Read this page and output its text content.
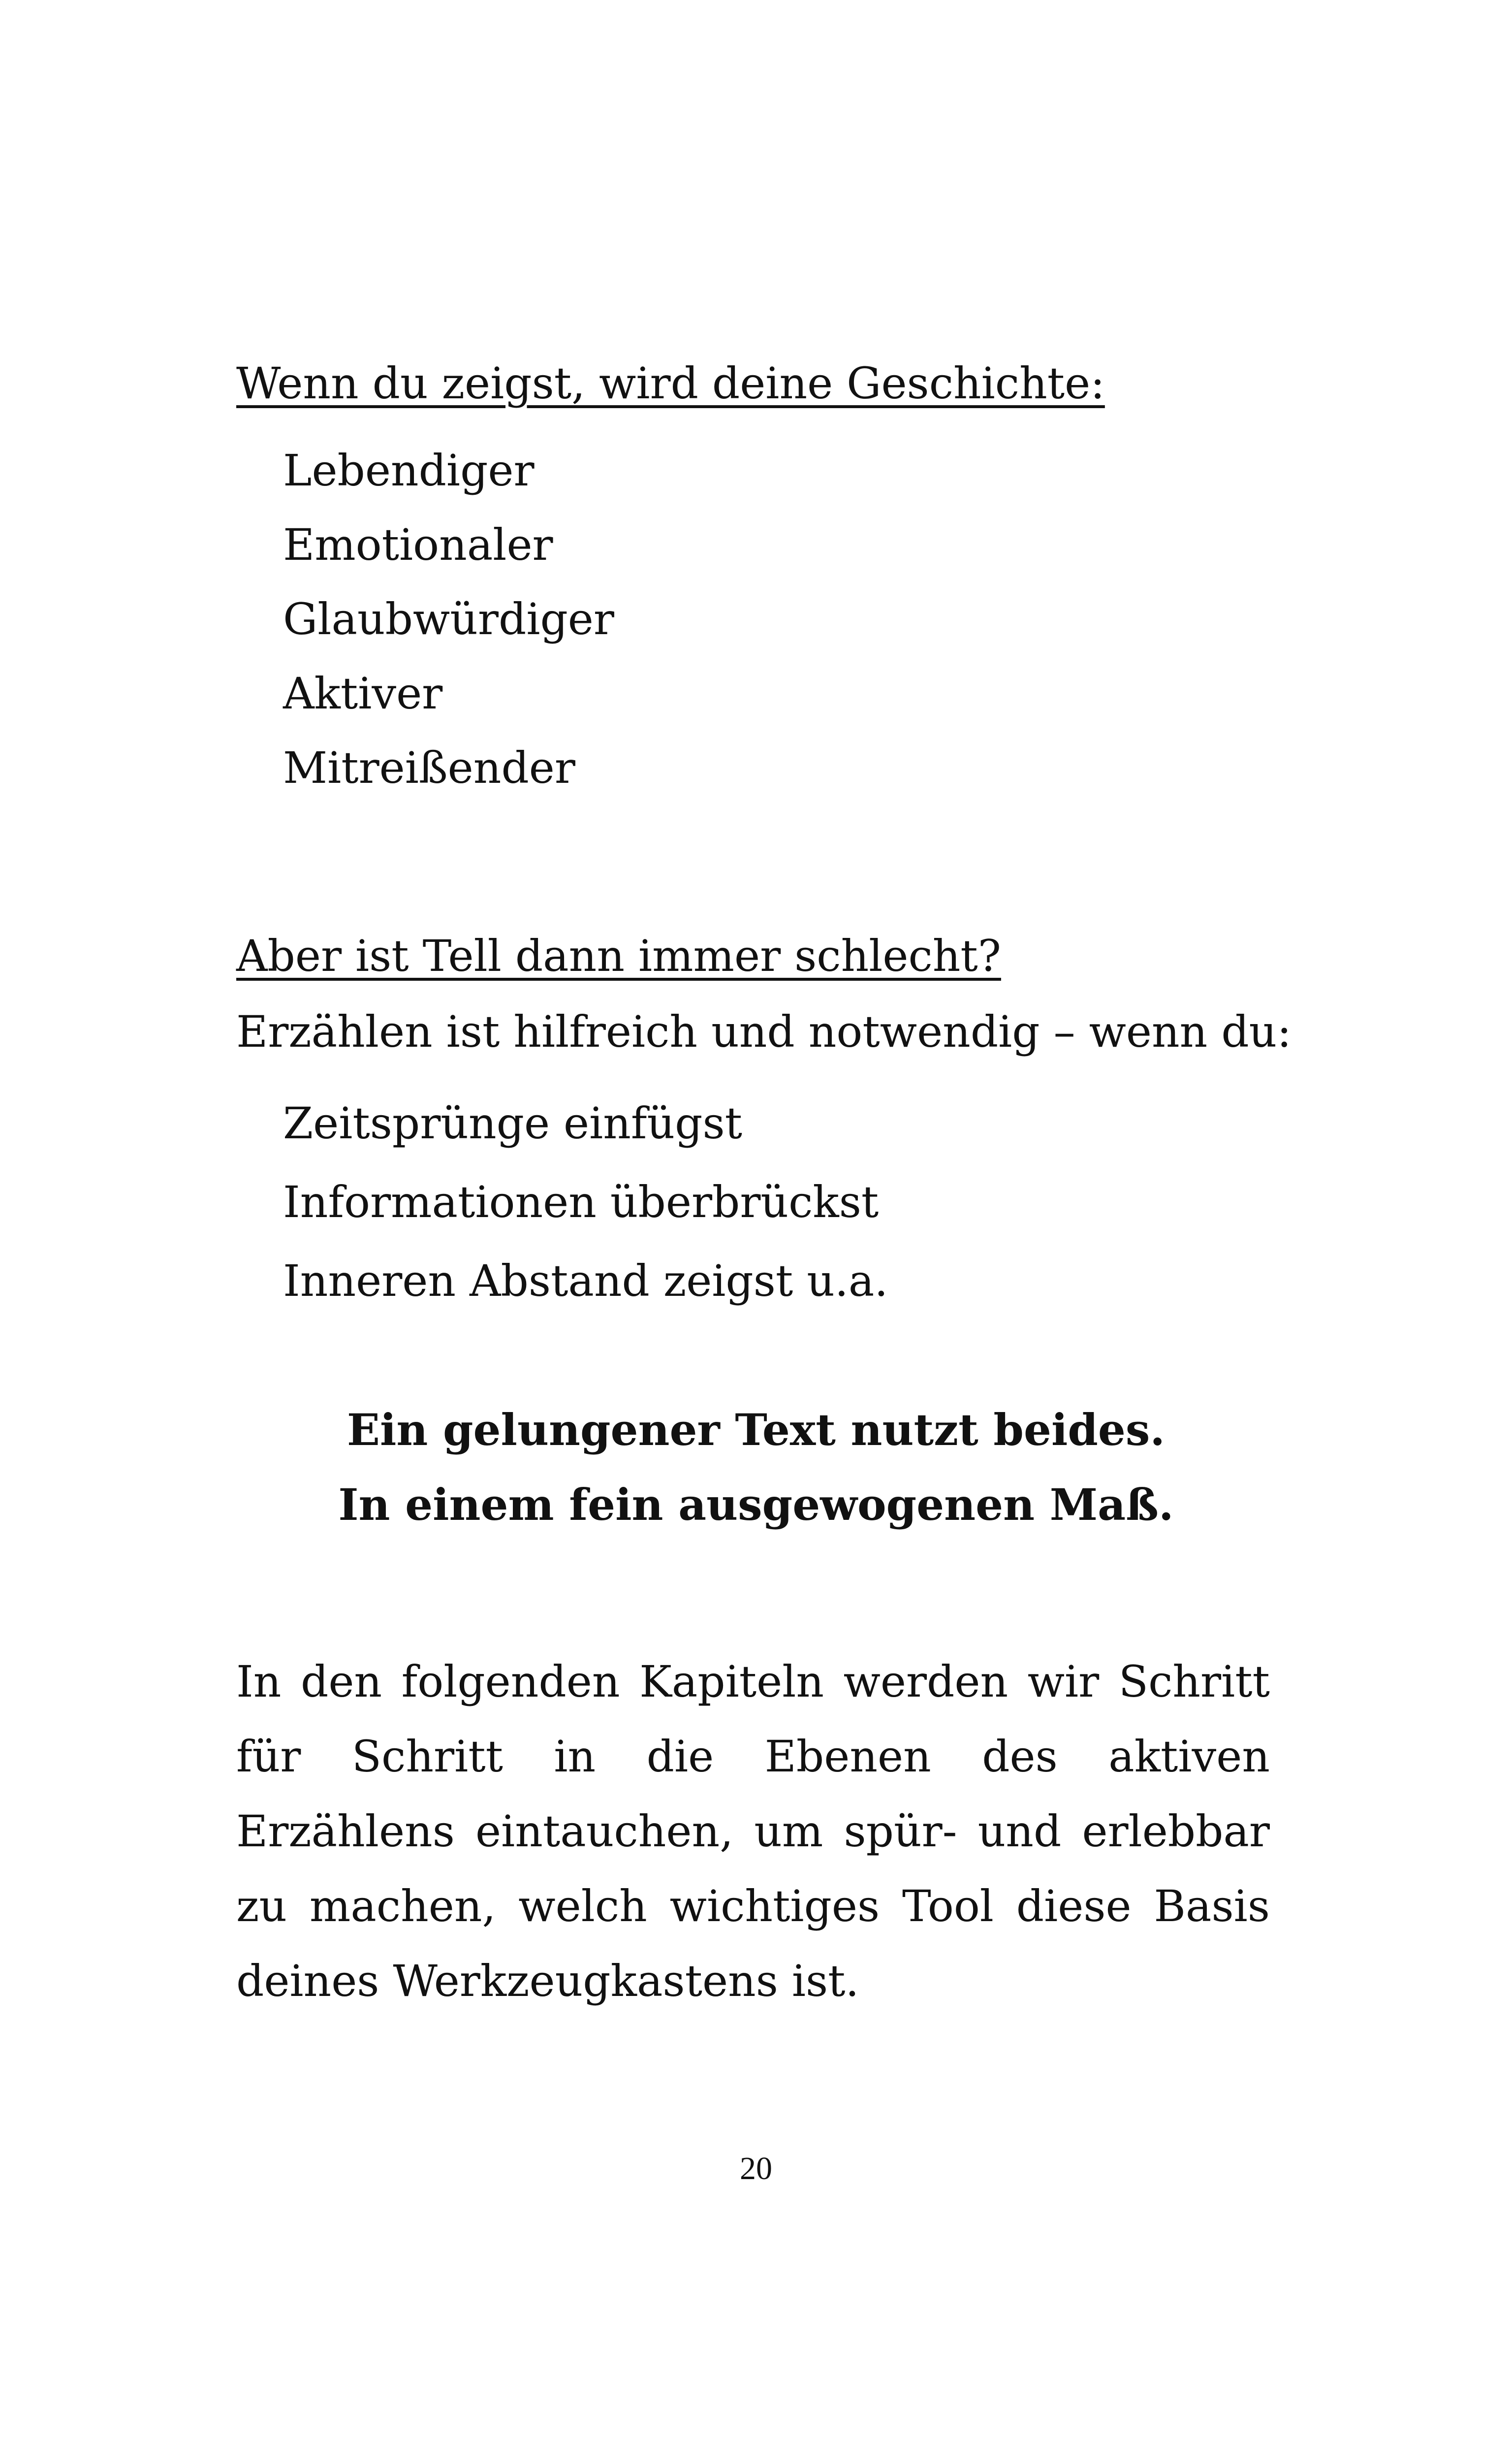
Wenn du zeigst, wird deine Geschichte:
Lebendiger
Emotionaler
Glaubwürdiger
Aktiver
Mitreißender
Aber ist Tell dann immer schlecht?
Erzählen ist hilfreich und notwendig – wenn du:
Zeitsprünge einfügst
Informationen überbrückst
Inneren Abstand zeigst u.a.
Ein gelungener Text nutzt beides.
In einem fein ausgewogenen Maß.

In den folgenden Kapiteln werden wir Schritt für Schritt in die Ebenen des aktiven Erzählens eintauchen, um spür- und erlebbar zu machen, welch wichtiges Tool diese Basis deines Werkzeugkastens ist.

20
